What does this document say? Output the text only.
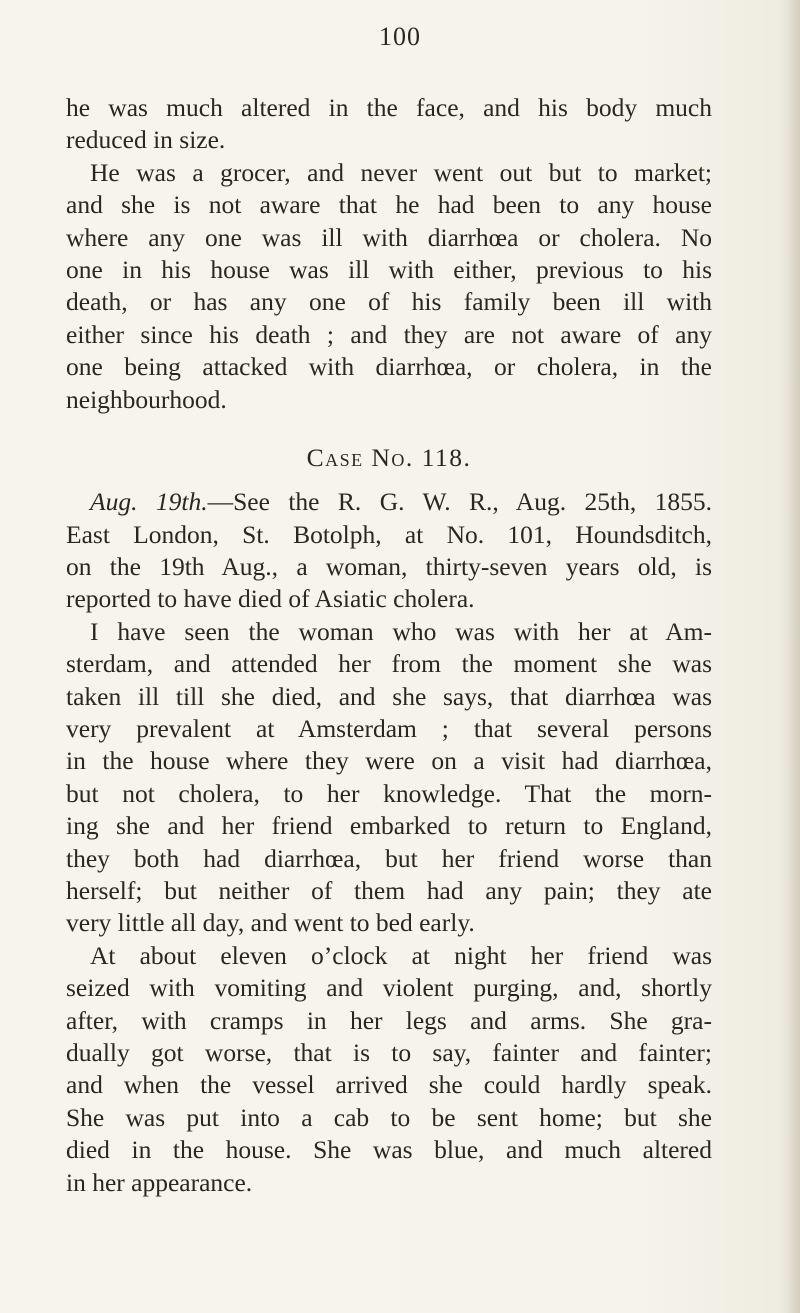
100
he was much altered in the face, and his body much
reduced in size.
He was a grocer, and never went out but to market;
and she is not aware that he had been to any house
where any one was ill with diarrhœa or cholera. No
one in his house was ill with either, previous to his
death, or has any one of his family been ill with
either since his death ; and they are not aware of any
one being attacked with diarrhœa, or cholera, in the
neighbourhood.
Case No. 118.
Aug. 19th.—See the R. G. W. R., Aug. 25th, 1855.
East London, St. Botolph, at No. 101, Houndsditch,
on the 19th Aug., a woman, thirty-seven years old, is
reported to have died of Asiatic cholera.
I have seen the woman who was with her at Am-
sterdam, and attended her from the moment she was
taken ill till she died, and she says, that diarrhœa was
very prevalent at Amsterdam ; that several persons
in the house where they were on a visit had diarrhœa,
but not cholera, to her knowledge. That the morn-
ing she and her friend embarked to return to England,
they both had diarrhœa, but her friend worse than
herself; but neither of them had any pain; they ate
very little all day, and went to bed early.
At about eleven o’clock at night her friend was
seized with vomiting and violent purging, and, shortly
after, with cramps in her legs and arms. She gra-
dually got worse, that is to say, fainter and fainter;
and when the vessel arrived she could hardly speak.
She was put into a cab to be sent home; but she
died in the house. She was blue, and much altered
in her appearance.
